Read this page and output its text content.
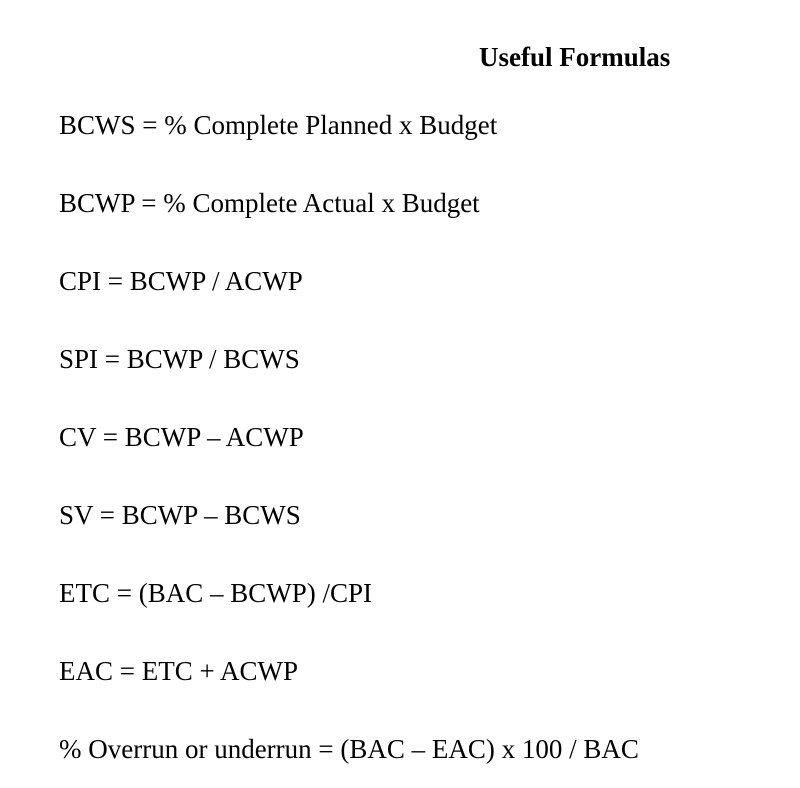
Useful Formulas
BCWS = % Complete Planned x Budget
BCWP = % Complete Actual x Budget
CPI = BCWP / ACWP
SPI = BCWP / BCWS
CV = BCWP – ACWP
SV = BCWP – BCWS
ETC = (BAC – BCWP) /CPI
EAC = ETC + ACWP
% Overrun or underrun = (BAC – EAC) x 100 / BAC
